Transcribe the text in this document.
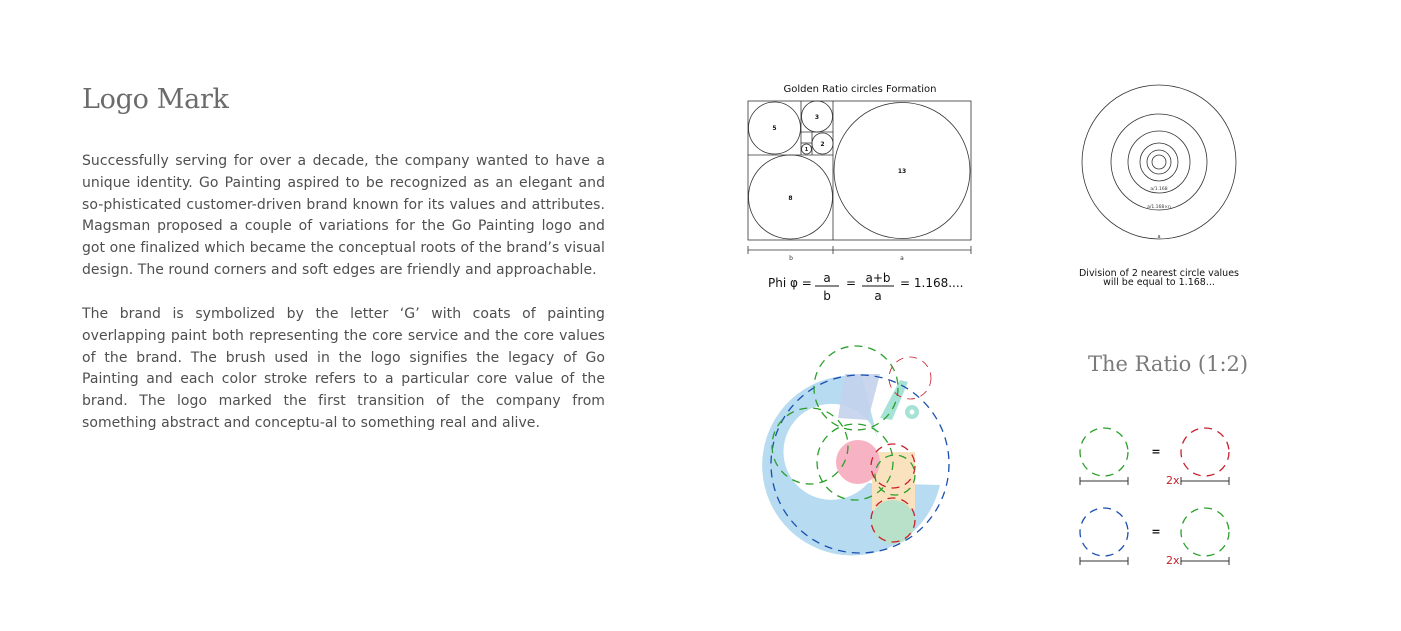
Logo Mark

Successfully serving for over a decade, the company wanted to have a unique identity. Go Painting aspired to be recognized as an elegant and so-phisticated customer-driven brand known for its values and attributes. Magsman proposed a couple of variations for the Go Painting logo and got one finalized which became the conceptual roots of the brand’s visual design. The round corners and soft edges are friendly and approachable.

The brand is symbolized by the letter ‘G’ with coats of painting overlapping paint both representing the core service and the core values of the brand. The brush used in the logo signifies the legacy of Go Painting and each color stroke refers to a particular core value of the brand. The logo marked the first transition of the company from something abstract and conceptu-al to something real and alive.

Golden Ratio circles Formation
5
3
2
1
8
13
b	a
Phi φ = a
b
= a+b
a
= 1.168....
a/1.168
a/1.168×n
a
Division of 2 nearest circle values
will be equal to 1.168...
The Ratio (1:2)
=
2x
=
2x
